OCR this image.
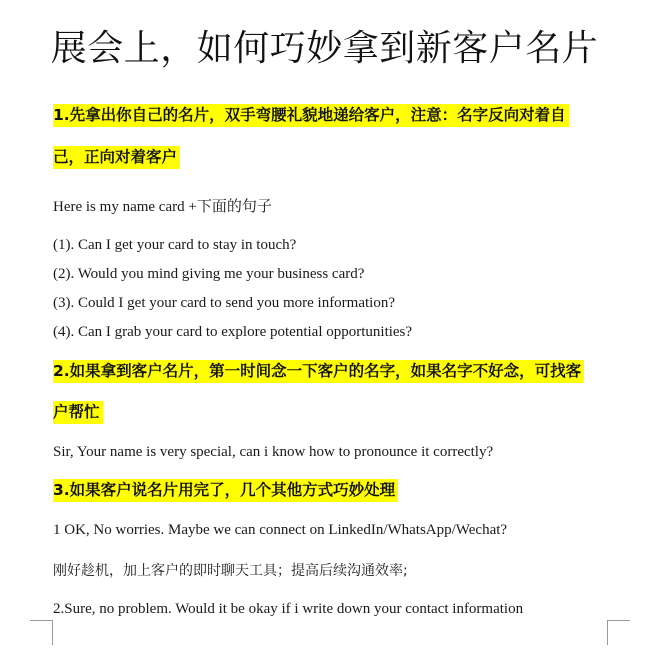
展会上，如何巧妙拿到新客户名片
1.先拿出你自己的名片，双手弯腰礼貌地递给客户，注意：名字反向对着自
己，正向对着客户
Here is my name card +下面的句子
(1). Can I get your card to stay in touch?
(2). Would you mind giving me your business card?
(3). Could I get your card to send you more information?
(4). Can I grab your card to explore potential opportunities?
2.如果拿到客户名片，第一时间念一下客户的名字，如果名字不好念，可找客
户帮忙
Sir, Your name is very special, can i know how to pronounce it correctly?
3.如果客户说名片用完了，几个其他方式巧妙处理
1 OK, No worries. Maybe we can connect on LinkedIn/WhatsApp/Wechat?
刚好趁机，加上客户的即时聊天工具；提高后续沟通效率;
2.Sure, no problem. Would it be okay if i write down your contact information
